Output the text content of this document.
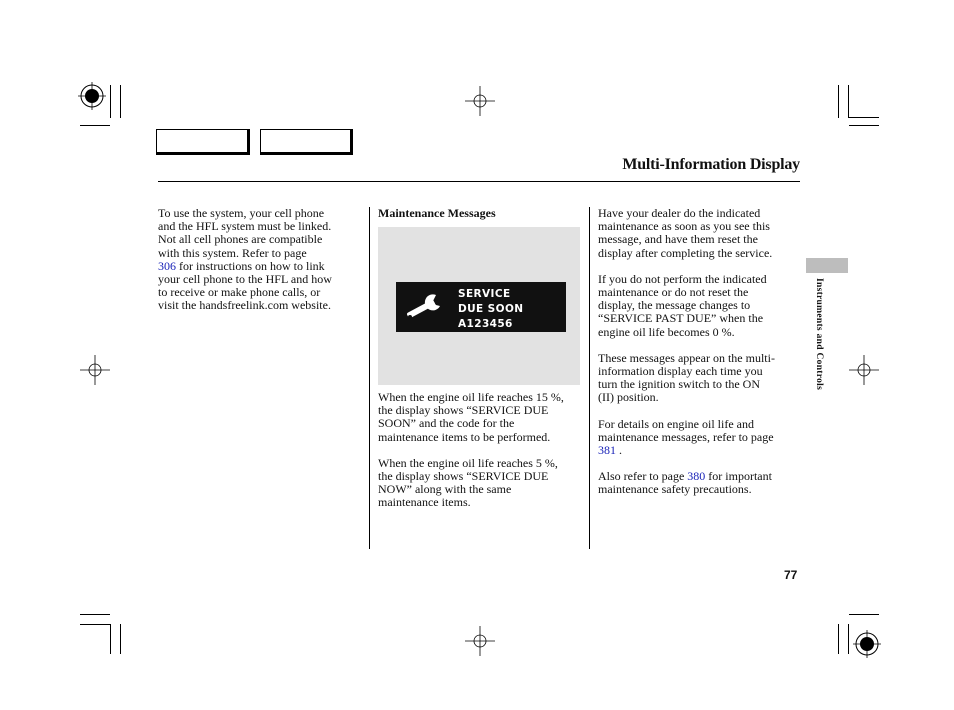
Multi-Information Display

To use the system, your cell phone
and the HFL system must be linked.
Not all cell phones are compatible
with this system. Refer to page
306 for instructions on how to link
your cell phone to the HFL and how
to receive or make phone calls, or
visit the handsfreelink.com website.

Maintenance Messages

SERVICE
DUE SOON
A123456

When the engine oil life reaches 15 %,
the display shows “SERVICE DUE
SOON” and the code for the
maintenance items to be performed.

When the engine oil life reaches 5 %,
the display shows “SERVICE DUE
NOW” along with the same
maintenance items.

Have your dealer do the indicated
maintenance as soon as you see this
message, and have them reset the
display after completing the service.

If you do not perform the indicated
maintenance or do not reset the
display, the message changes to
“SERVICE PAST DUE” when the
engine oil life becomes 0 %.

These messages appear on the multi-
information display each time you
turn the ignition switch to the ON
(II) position.

For details on engine oil life and
maintenance messages, refer to page
381 .

Also refer to page 380 for important
maintenance safety precautions.

Instruments and Controls
77
